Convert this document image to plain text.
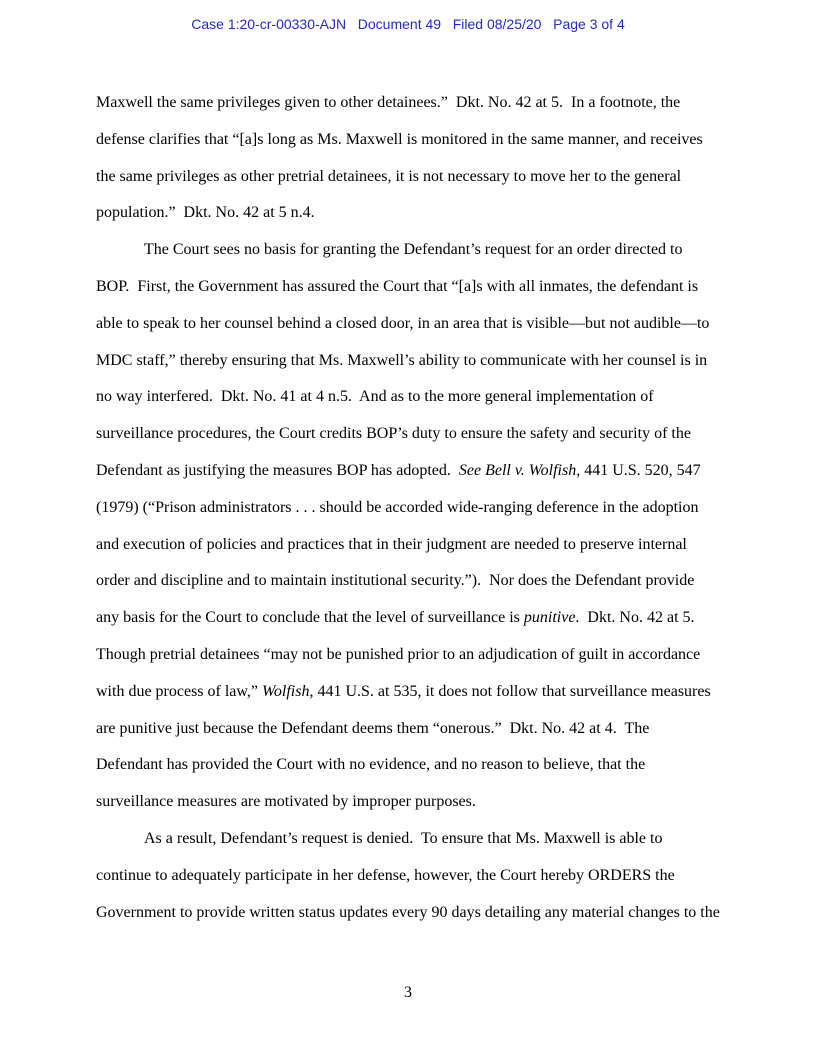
Case 1:20-cr-00330-AJN   Document 49   Filed 08/25/20   Page 3 of 4
Maxwell the same privileges given to other detainees.”  Dkt. No. 42 at 5.  In a footnote, the
defense clarifies that “[a]s long as Ms. Maxwell is monitored in the same manner, and receives
the same privileges as other pretrial detainees, it is not necessary to move her to the general
population.”  Dkt. No. 42 at 5 n.4.
The Court sees no basis for granting the Defendant’s request for an order directed to
BOP.  First, the Government has assured the Court that “[a]s with all inmates, the defendant is
able to speak to her counsel behind a closed door, in an area that is visible—but not audible—to
MDC staff,” thereby ensuring that Ms. Maxwell’s ability to communicate with her counsel is in
no way interfered.  Dkt. No. 41 at 4 n.5.  And as to the more general implementation of
surveillance procedures, the Court credits BOP’s duty to ensure the safety and security of the
Defendant as justifying the measures BOP has adopted.  See Bell v. Wolfish, 441 U.S. 520, 547
(1979) (“Prison administrators . . . should be accorded wide-ranging deference in the adoption
and execution of policies and practices that in their judgment are needed to preserve internal
order and discipline and to maintain institutional security.”).  Nor does the Defendant provide
any basis for the Court to conclude that the level of surveillance is punitive.  Dkt. No. 42 at 5.
Though pretrial detainees “may not be punished prior to an adjudication of guilt in accordance
with due process of law,” Wolfish, 441 U.S. at 535, it does not follow that surveillance measures
are punitive just because the Defendant deems them “onerous.”  Dkt. No. 42 at 4.  The
Defendant has provided the Court with no evidence, and no reason to believe, that the
surveillance measures are motivated by improper purposes.
As a result, Defendant’s request is denied.  To ensure that Ms. Maxwell is able to
continue to adequately participate in her defense, however, the Court hereby ORDERS the
Government to provide written status updates every 90 days detailing any material changes to the
3
